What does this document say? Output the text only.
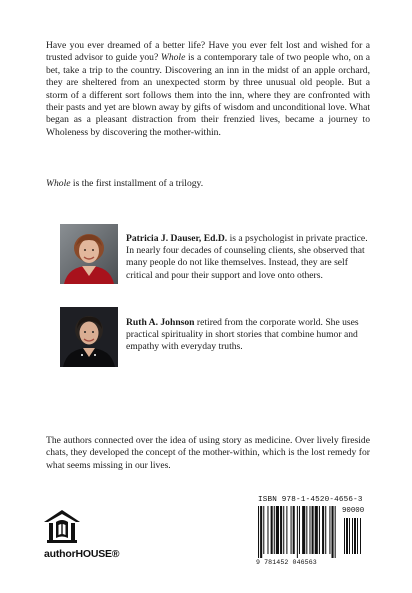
Have you ever dreamed of a better life? Have you ever felt lost and wished for a trusted advisor to guide you? Whole is a contemporary tale of two people who, on a bet, take a trip to the country. Discovering an inn in the midst of an apple orchard, they are sheltered from an unexpected storm by three unusual old people. But a storm of a different sort follows them into the inn, where they are confronted with their pasts and yet are blown away by gifts of wisdom and unconditional love. What began as a pleasant distraction from their frenzied lives, became a journey to Wholeness by discovering the mother-within.

Whole is the first installment of a trilogy.

Patricia J. Dauser, Ed.D. is a psychologist in private practice. In nearly four decades of counseling clients, she observed that many people do not like themselves. Instead, they are self critical and pour their support and love onto others.

Ruth A. Johnson retired from the corporate world. She uses practical spirituality in short stories that combine humor and empathy with everyday truths.

The authors connected over the idea of using story as medicine. Over lively fireside chats, they developed the concept of the mother-within, which is the lost remedy for what seems missing in our lives.

authorHOUSE®
ISBN 978-1-4520-4656-3
90000
9 781452 046563
